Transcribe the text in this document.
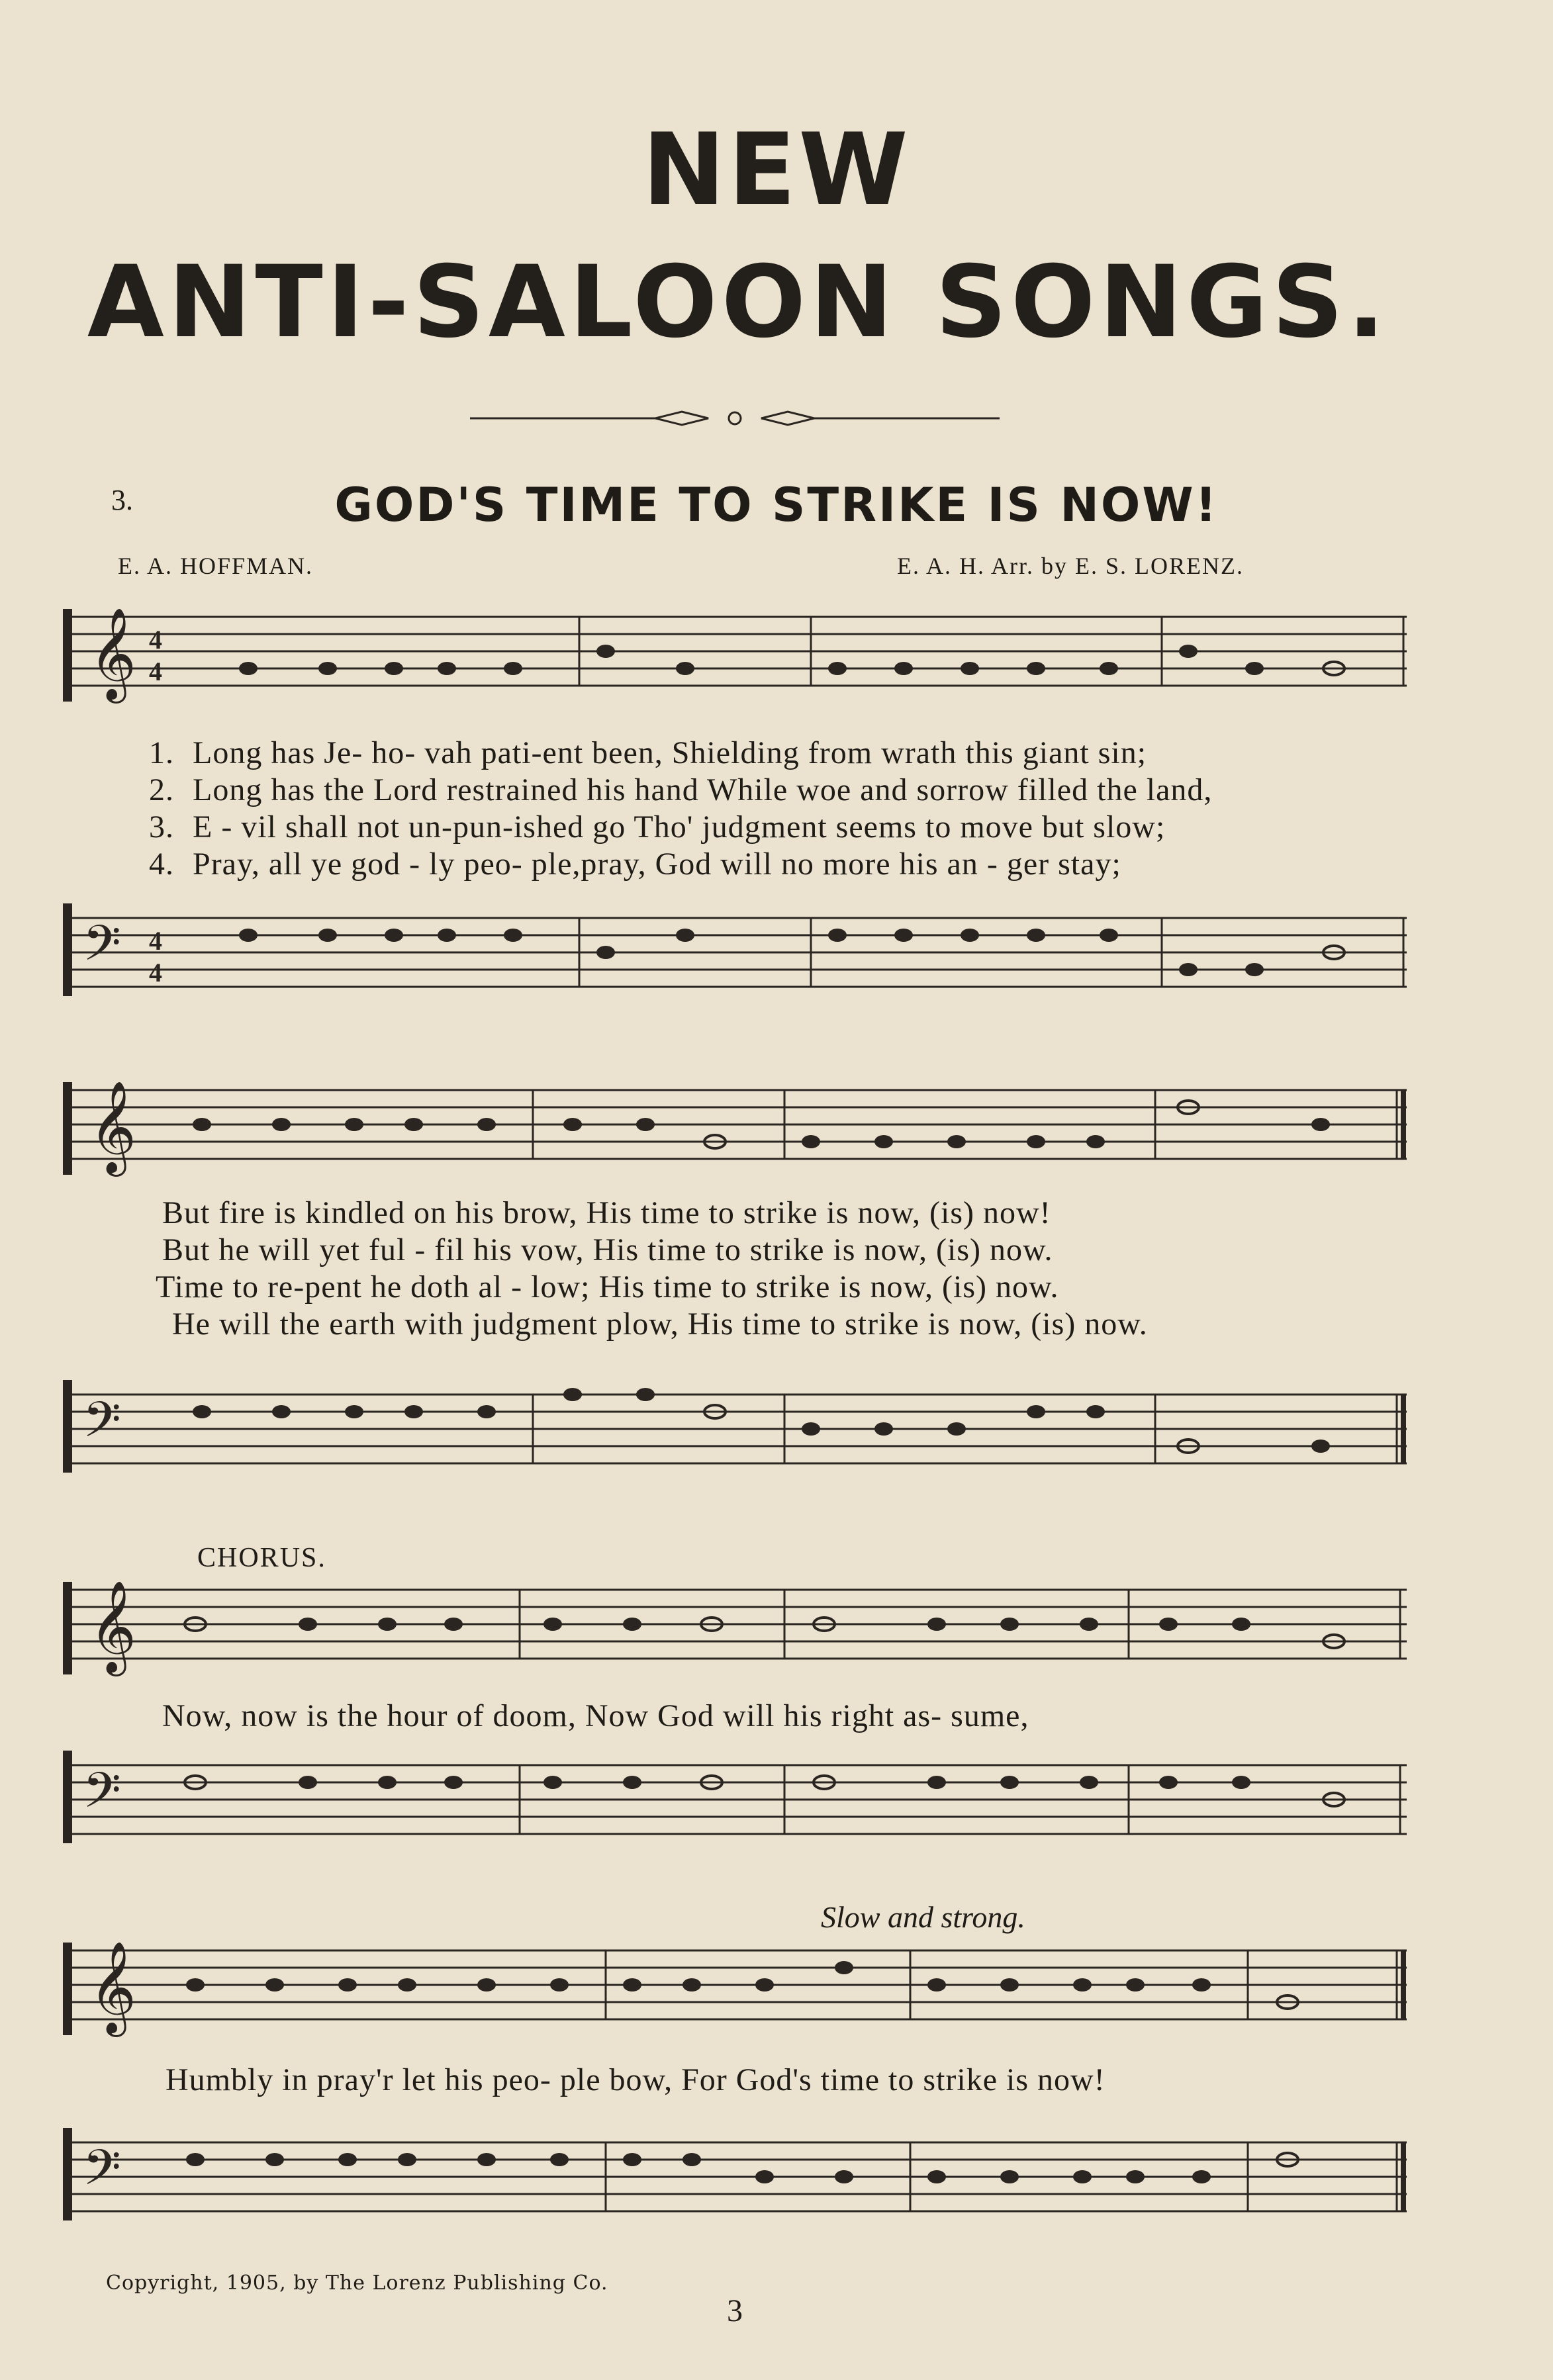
NEW
ANTI-SALOON SONGS.
3.	GOD'S TIME TO STRIKE IS NOW!
E. A. HOFFMAN.	E. A. H. Arr. by E. S. LORENZ.
𝄞 4
4
1. Long has Je- ho- vah pati-ent been, Shielding from wrath this giant sin;
2. Long has the Lord restrained his hand While woe and sorrow filled the land,
3. E - vil shall not un-pun-ished go Tho' judgment seems to move but slow;
4. Pray, all ye god - ly peo- ple,pray, God will no more his an - ger stay;
𝄢 4
4
𝄞
But fire is kindled on his brow, His time to strike is now, (is) now!
But he will yet ful - fil his vow, His time to strike is now, (is) now.
Time to re-pent he doth al - low; His time to strike is now, (is) now.
He will the earth with judgment plow, His time to strike is now, (is) now.
𝄢
CHORUS.
𝄞
Now, now is the hour of doom, Now God will his right as- sume,
𝄢
Slow and strong.
𝄞
Humbly in pray'r let his peo- ple bow, For God's time to strike is now!
𝄢
Copyright, 1905, by The Lorenz Publishing Co.
3
